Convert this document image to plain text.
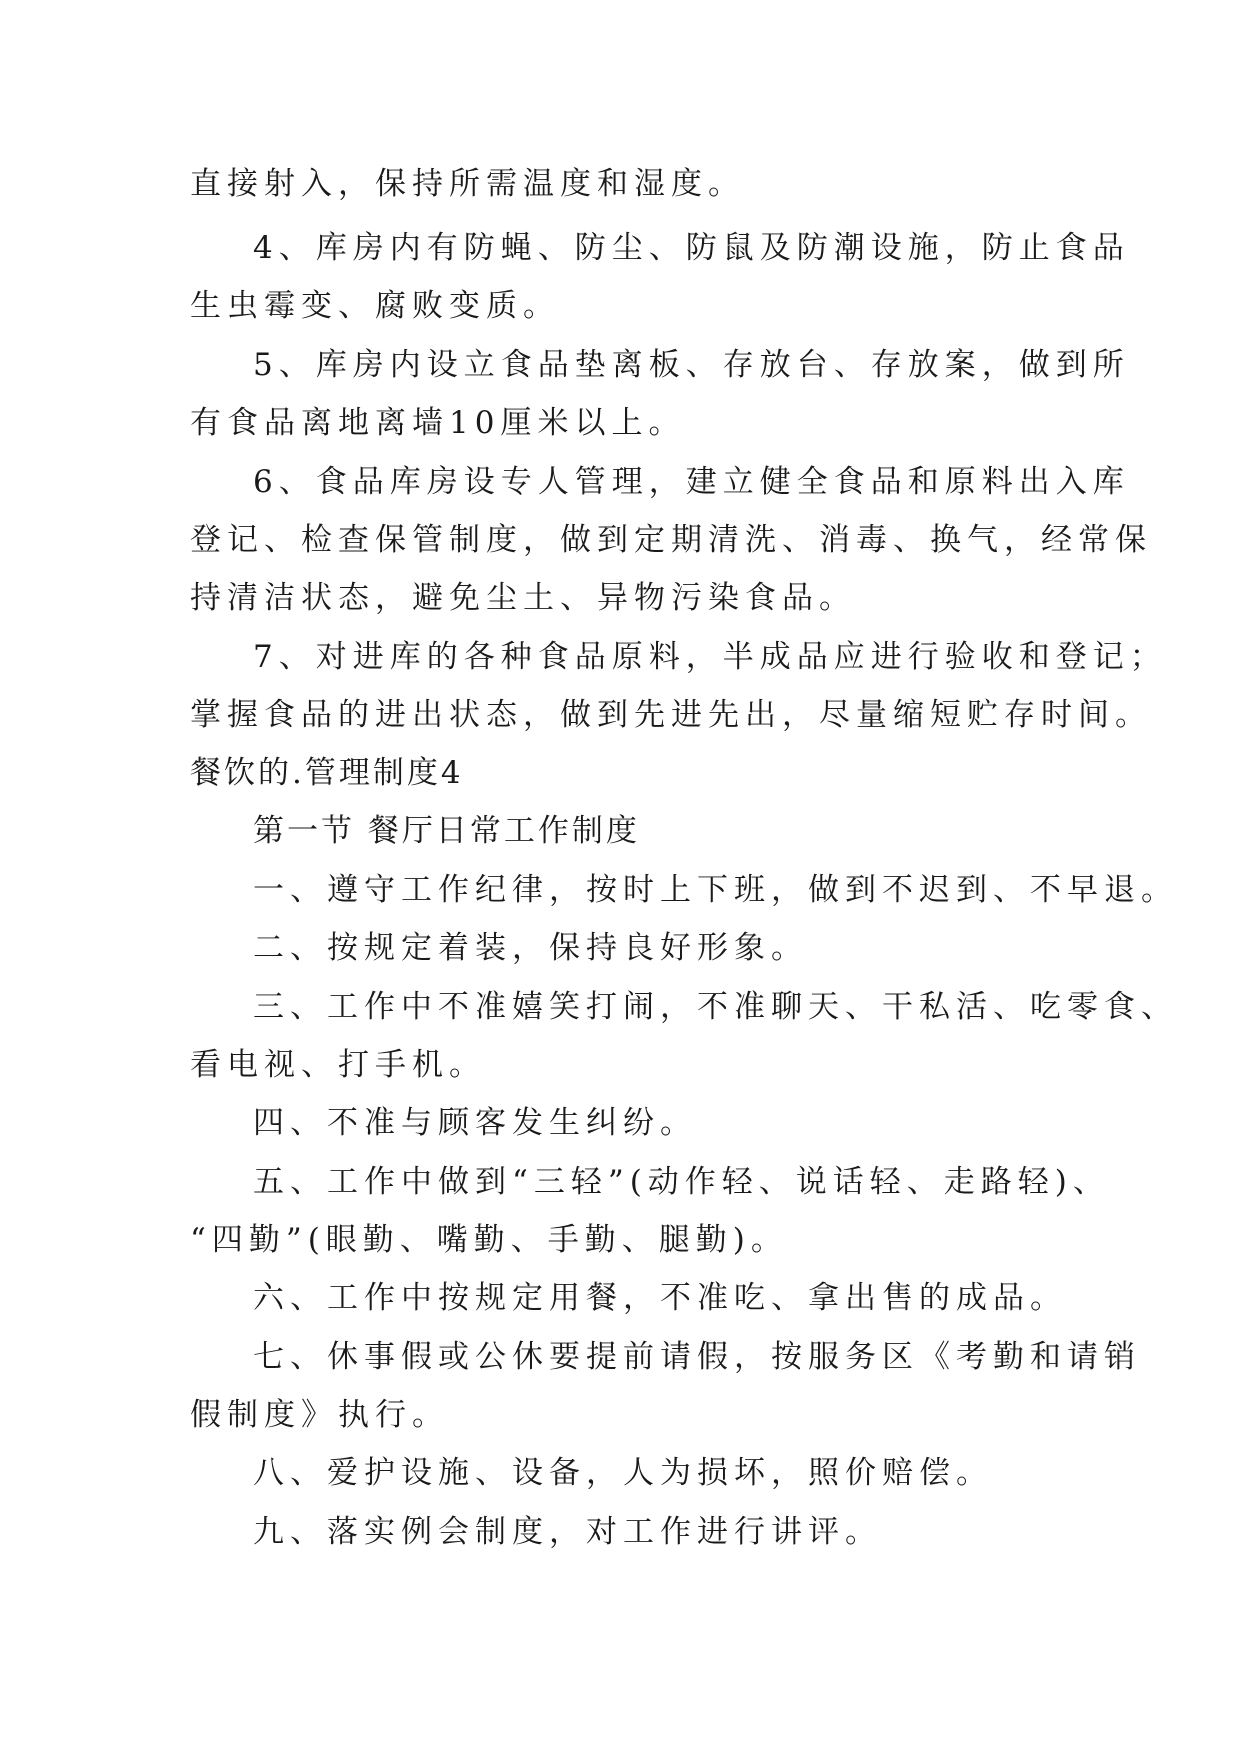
直接射入，保持所需温度和湿度。
4、库房内有防蝇、防尘、防鼠及防潮设施，防止食品
生虫霉变、腐败变质。
5、库房内设立食品垫离板、存放台、存放案，做到所
有食品离地离墙10厘米以上。
6、食品库房设专人管理，建立健全食品和原料出入库
登记、检查保管制度，做到定期清洗、消毒、换气，经常保
持清洁状态，避免尘土、异物污染食品。
7、对进库的各种食品原料，半成品应进行验收和登记；
掌握食品的进出状态，做到先进先出，尽量缩短贮存时间。
餐饮的.管理制度4
第一节 餐厅日常工作制度
一、遵守工作纪律，按时上下班，做到不迟到、不早退。
二、按规定着装，保持良好形象。
三、工作中不准嬉笑打闹，不准聊天、干私活、吃零食、
看电视、打手机。
四、不准与顾客发生纠纷。
五、工作中做到“三轻”(动作轻、说话轻、走路轻)、
“四勤”(眼勤、嘴勤、手勤、腿勤)。
六、工作中按规定用餐，不准吃、拿出售的成品。
七、休事假或公休要提前请假，按服务区《考勤和请销
假制度》执行。
八、爱护设施、设备，人为损坏，照价赔偿。
九、落实例会制度，对工作进行讲评。
